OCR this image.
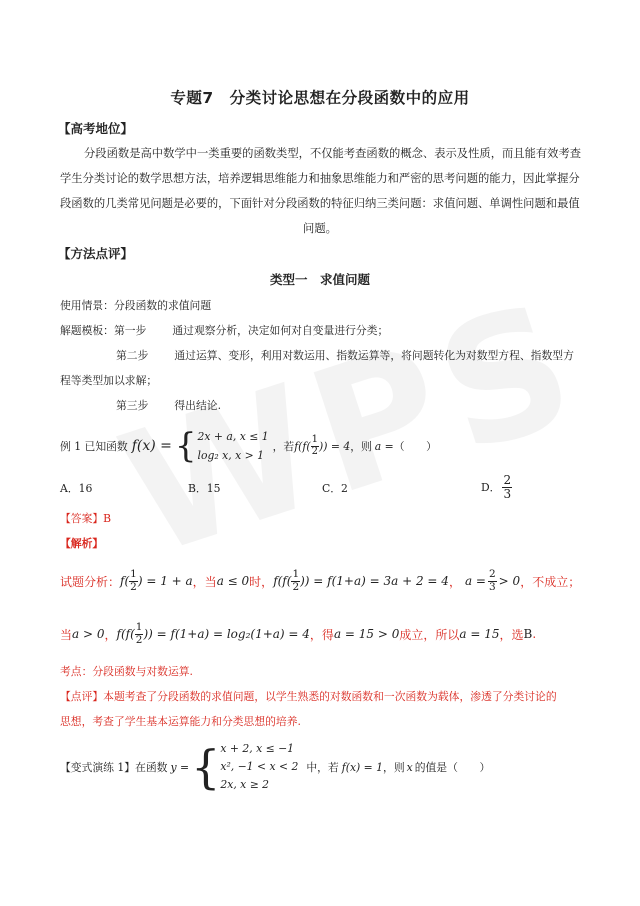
专题7　分类讨论思想在分段函数中的应用
【高考地位】
分段函数是高中数学中一类重要的函数类型，不仅能考查函数的概念、表示及性质，而且能有效考查
学生分类讨论的数学思想方法，培养逻辑思维能力和抽象思维能力和严密的思考问题的能力，因此掌握分
段函数的几类常见问题是必要的，下面针对分段函数的特征归纳三类问题：求值问题、单调性问题和最值
问题。
【方法点评】
类型一　求值问题
使用情景：分段函数的求值问题
解题模板：第一步 通过观察分析，决定如何对自变量进行分类；
第二步 通过运算、变形，利用对数运用、指数运算等，将问题转化为对数型方程、指数型方
程等类型加以求解；
第三步 得出结论.
例 1 已知函数 f(x) = { 2x + a, x ≤ 1
log₂ x, x > 1
，若 $f(f( \frac{1}{2}$ )) = 4 ，则 a = （　　）
A．16	B．15	C．2	D． $\frac{2}{3}$
【答案】B
【解析】
试题分析： $f( \frac{1}{2}$ ) = 1 + a ，当 a ≤ 0 时， $f(f( \frac{1}{2}$ )) = f(1+a) = 3a + 2 = 4 ， $a = \frac{2}{3} > 0$ ，不成立；
当 a > 0 ， $f(f( \frac{1}{2}$ )) = f(1+a) = log₂(1+a) = 4 ，得 a = 15 > 0 成立，所以 a = 15 ，选 B .
考点：分段函数与对数运算.
【点评】本题考查了分段函数的求值问题，以学生熟悉的对数函数和一次函数为载体，渗透了分类讨论的
思想，考查了学生基本运算能力和分类思想的培养.
【变式演练 1】在函数 y = { x + 2, x ≤ −1
x², −1 < x < 2
2x, x ≥ 2
中，若 f(x) = 1 ，则 x 的值是（　　）
